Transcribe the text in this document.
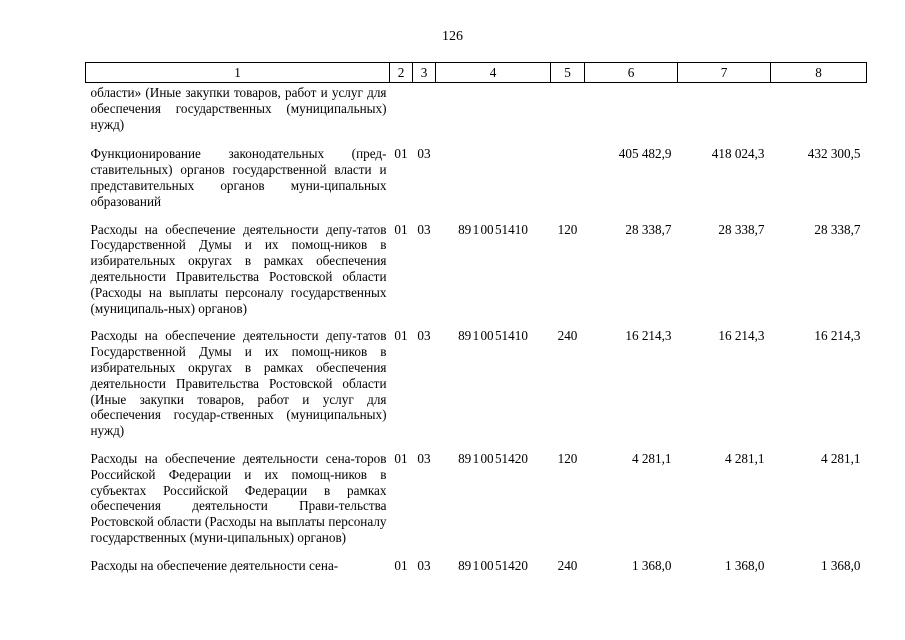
126
1	2	3	4	5	6	7	8
области» (Иные закупки товаров, работ и услуг для обеспечения государственных (муниципальных) нужд)							
Функционирование законодательных (пред-ставительных) органов государственной власти и представительных органов муни-ципальных образований	01	03			405 482,9	418 024,3	432 300,5
Расходы на обеспечение деятельности депу-татов Государственной Думы и их помощ-ников в избирательных округах в рамках обеспечения деятельности Правительства Ростовской области (Расходы на выплаты персоналу государственных (муниципаль-ных) органов)	01	03	89 1 00 51410	120	28 338,7	28 338,7	28 338,7
Расходы на обеспечение деятельности депу-татов Государственной Думы и их помощ-ников в избирательных округах в рамках обеспечения деятельности Правительства Ростовской области (Иные закупки товаров, работ и услуг для обеспечения государ-ственных (муниципальных) нужд)	01	03	89 1 00 51410	240	16 214,3	16 214,3	16 214,3
Расходы на обеспечение деятельности сена-торов Российской Федерации и их помощ-ников в субъектах Российской Федерации в рамках обеспечения деятельности Прави-тельства Ростовской области (Расходы на выплаты персоналу государственных (муни-ципальных) органов)	01	03	89 1 00 51420	120	4 281,1	4 281,1	4 281,1
Расходы на обеспечение деятельности сена-	01	03	89 1 00 51420	240	1 368,0	1 368,0	1 368,0
